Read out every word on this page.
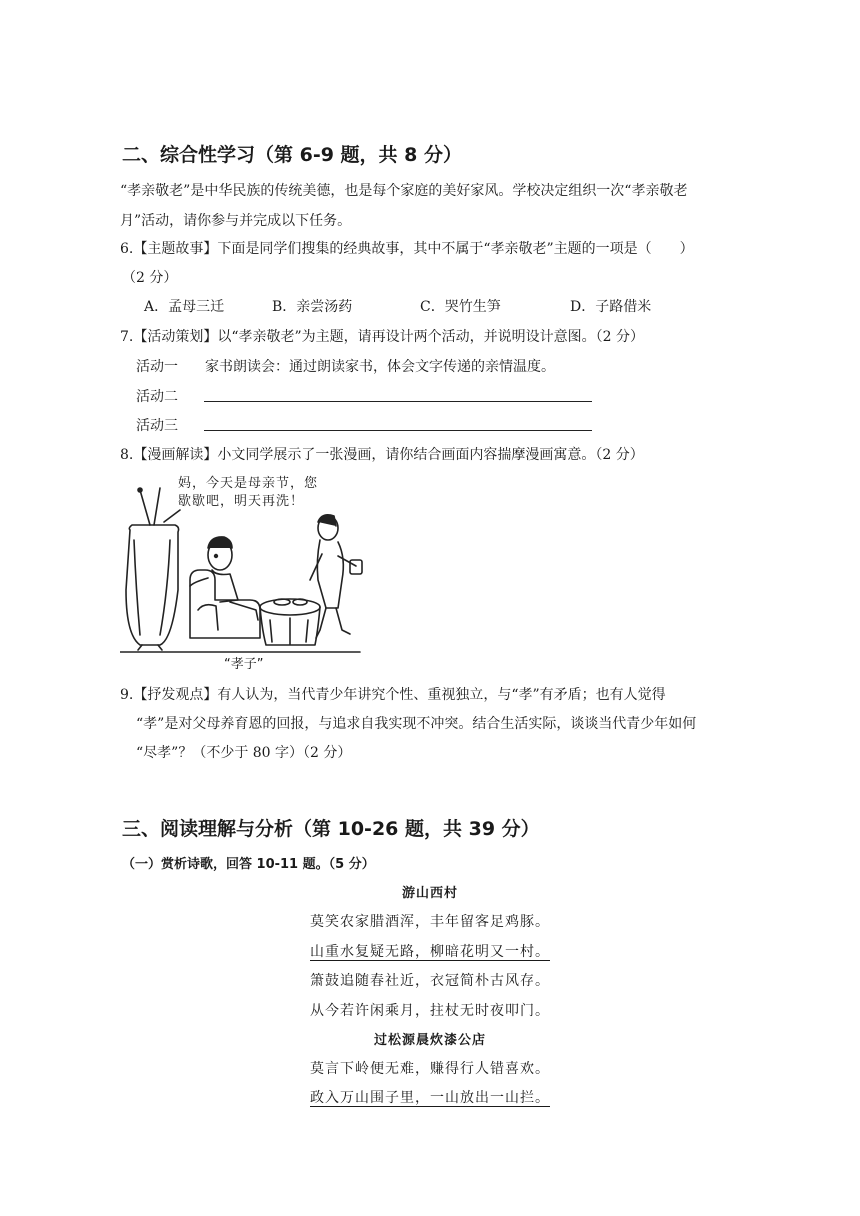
二、综合性学习（第 6-9 题，共 8 分）
“孝亲敬老”是中华民族的传统美德，也是每个家庭的美好家风。学校决定组织一次“孝亲敬老
月”活动，请你参与并完成以下任务。
6.【主题故事】下面是同学们搜集的经典故事，其中不属于“孝亲敬老”主题的一项是（　　）
（2 分）
A．孟母三迁	B．亲尝汤药	C．哭竹生笋	D．子路借米
7.【活动策划】以“孝亲敬老”为主题，请再设计两个活动，并说明设计意图。（2 分）
活动一 家书朗读会：通过朗读家书，体会文字传递的亲情温度。
活动二
活动三
8.【漫画解读】小文同学展示了一张漫画，请你结合画面内容揣摩漫画寓意。（2 分）
妈，今天是母亲节，您
歇歇吧，明天再洗！
“孝子”
9.【抒发观点】有人认为，当代青少年讲究个性、重视独立，与“孝”有矛盾；也有人觉得
“孝”是对父母养育恩的回报，与追求自我实现不冲突。结合生活实际，谈谈当代青少年如何
“尽孝”？（不少于 80 字）（2 分）
三、阅读理解与分析（第 10-26 题，共 39 分）
（一）赏析诗歌，回答 10-11 题。（5 分）
游山西村
莫笑农家腊酒浑，丰年留客足鸡豚。
山重水复疑无路，柳暗花明又一村。
箫鼓追随春社近，衣冠简朴古风存。
从今若许闲乘月，拄杖无时夜叩门。
过松源晨炊漆公店
莫言下岭便无难，赚得行人错喜欢。
政入万山围子里，一山放出一山拦。
